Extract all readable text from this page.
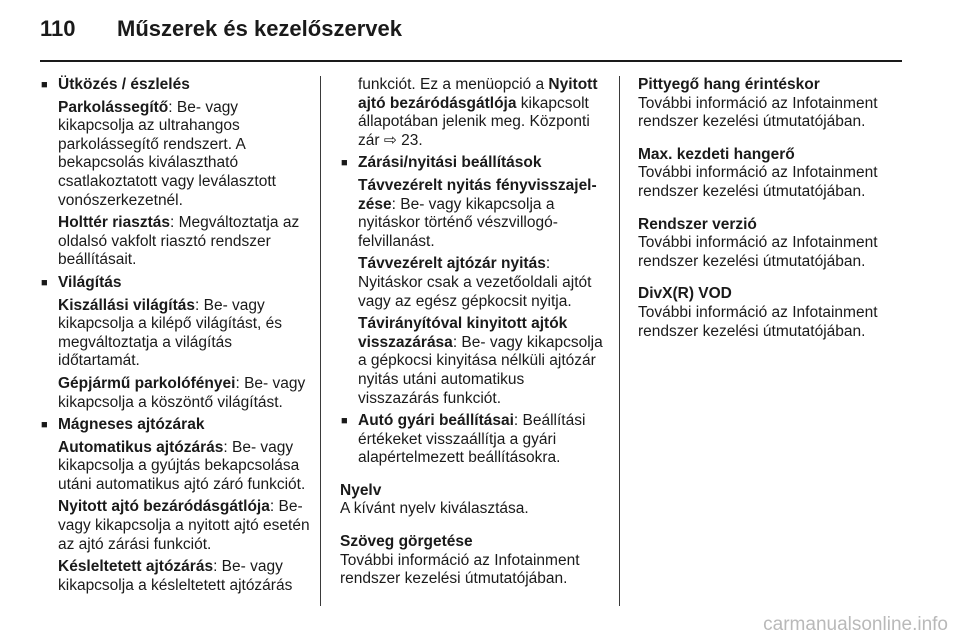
110 Műszerek és kezelőszervek
■ Ütközés / észlelés
Parkolássegítő: Be- vagy kikapcsolja az ultrahangos parkolássegítő rendszert. A bekapcsolás kiválasztható csatlakoztatott vagy leválasztott vonószerkezetnél.
Holttér riasztás: Megváltoztatja az oldalsó vakfolt riasztó rendszer beállításait.
■ Világítás
Kiszállási világítás: Be- vagy kikapcsolja a kilépő világítást, és megváltoztatja a világítás időtartamát.
Gépjármű parkolófényei: Be- vagy kikapcsolja a köszöntő világítást.
■ Mágneses ajtózárak
Automatikus ajtózárás: Be- vagy kikapcsolja a gyújtás bekapcsolása utáni automatikus ajtó záró funkciót.
Nyitott ajtó bezáródásgátlója: Be- vagy kikapcsolja a nyitott ajtó esetén az ajtó zárási funkciót.
Késleltetett ajtózárás: Be- vagy kikapcsolja a késleltetett ajtózárás
funkciót. Ez a menüopció a Nyitott ajtó bezáródásgátlója kikapcsolt állapotában jelenik meg. Központi zár ⇨ 23.
■ Zárási/nyitási beállítások
Távvezérelt nyitás fényvisszajelzése: Be- vagy kikapcsolja a nyitáskor történő vészvillogó-felvillanást.
Távvezérelt ajtózár nyitás: Nyitáskor csak a vezetőoldali ajtót vagy az egész gépkocsit nyitja.
Távirányítóval kinyitott ajtók visszazárása: Be- vagy kikapcsolja a gépkocsi kinyitása nélküli ajtózár nyitás utáni automatikus visszazárás funkciót.
■ Autó gyári beállításai: Beállítási értékeket visszaállítja a gyári alapértelmezett beállításokra.
Nyelv
A kívánt nyelv kiválasztása.
Szöveg görgetése
További információ az Infotainment rendszer kezelési útmutatójában.
Pittyegő hang érintéskor
További információ az Infotainment rendszer kezelési útmutatójában.
Max. kezdeti hangerő
További információ az Infotainment rendszer kezelési útmutatójában.
Rendszer verzió
További információ az Infotainment rendszer kezelési útmutatójában.
DivX(R) VOD
További információ az Infotainment rendszer kezelési útmutatójában.
carmanualsonline.info
